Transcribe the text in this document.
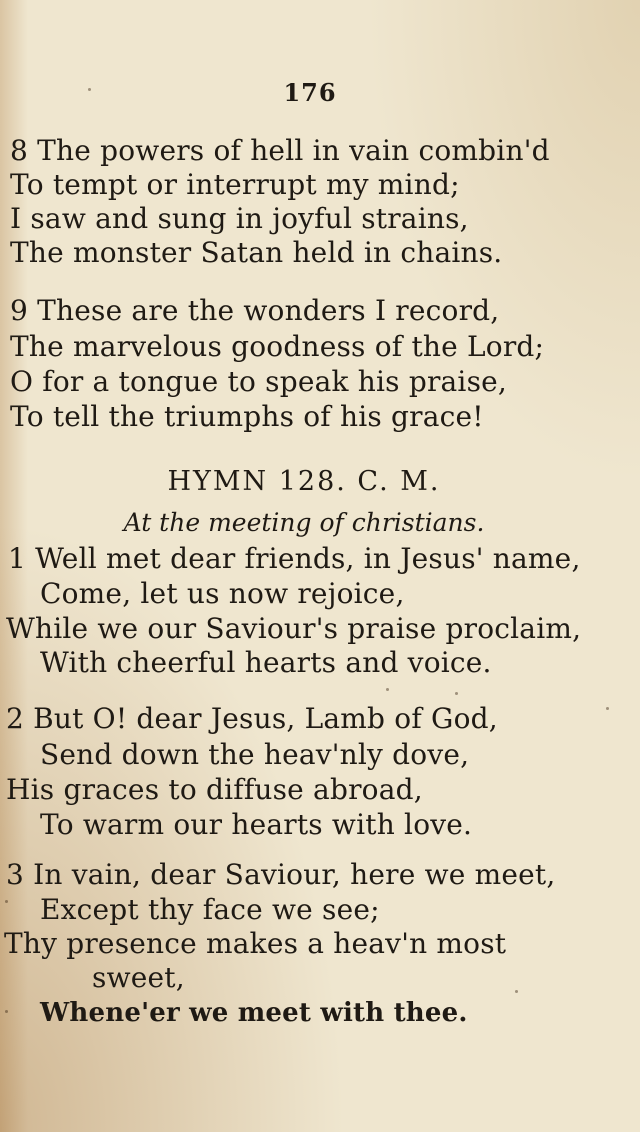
176
8 The powers of hell in vain combin'd
To tempt or interrupt my mind;
I saw and sung in joyful strains,
The monster Satan held in chains.
9 These are the wonders I record,
The marvelous goodness of the Lord;
O for a tongue to speak his praise,
To tell the triumphs of his grace!
HYMN 128. C. M.
At the meeting of christians.
1 Well met dear friends, in Jesus' name,
Come, let us now rejoice,
While we our Saviour's praise proclaim,
With cheerful hearts and voice.
2 But O! dear Jesus, Lamb of God,
Send down the heav'nly dove,
His graces to diffuse abroad,
To warm our hearts with love.
3 In vain, dear Saviour, here we meet,
Except thy face we see;
Thy presence makes a heav'n most
sweet,
Whene'er we meet with thee.
